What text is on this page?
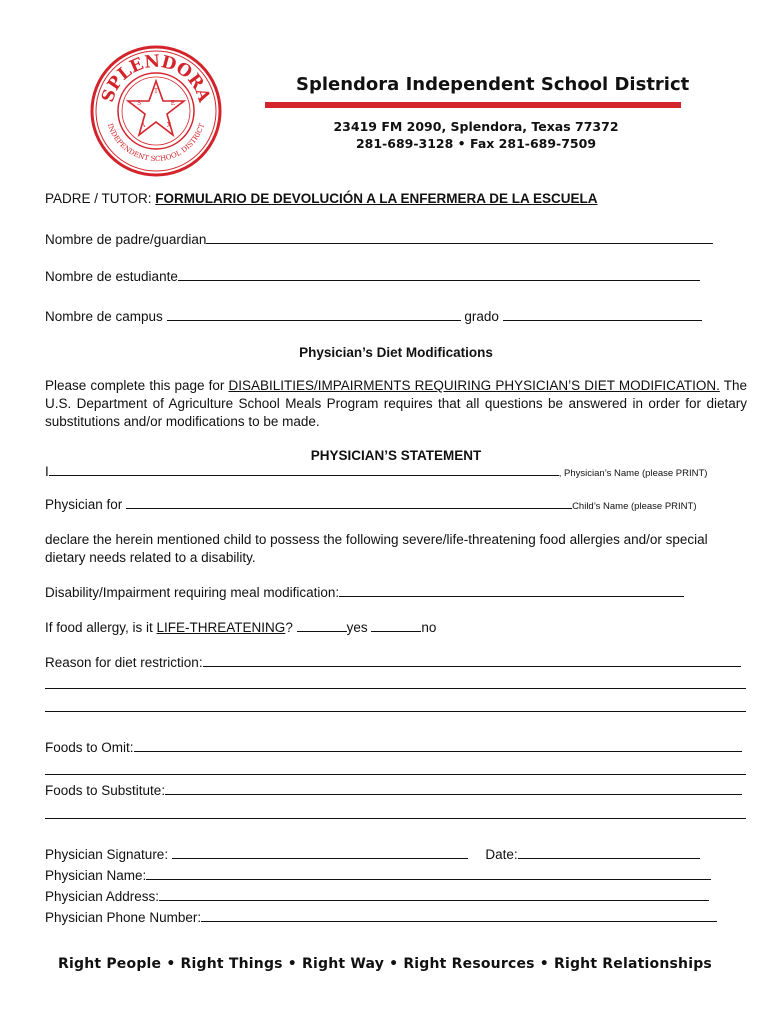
SPLENDORA
INDEPENDENT SCHOOL DISTRICT
T
E
X
A
S
Splendora Independent School District
23419 FM 2090, Splendora, Texas 77372
281-689-3128 • Fax 281-689-7509
PADRE / TUTOR: FORMULARIO DE DEVOLUCIÓN A LA ENFERMERA DE LA ESCUELA
Nombre de padre/guardian
Nombre de estudiante
Nombre de campus	grado
Physician’s Diet Modifications
Please complete this page for DISABILITIES/IMPAIRMENTS REQUIRING PHYSICIAN’S DIET MODIFICATION. The U.S. Department of Agriculture School Meals Program requires that all questions be answered in order for dietary substitutions and/or modifications to be made.
PHYSICIAN’S STATEMENT
I	, Physician’s Name (please PRINT)
Physician for	Child’s Name (please PRINT)
declare the herein mentioned child to possess the following severe/life-threatening food allergies and/or special dietary needs related to a disability.
Disability/Impairment requiring meal modification:
If food allergy, is it LIFE-THREATENING?	yes	no
Reason for diet restriction:
Foods to Omit:
Foods to Substitute:
Physician Signature:	Date:
Physician Name:
Physician Address:
Physician Phone Number:
Right People • Right Things • Right Way • Right Resources • Right Relationships
